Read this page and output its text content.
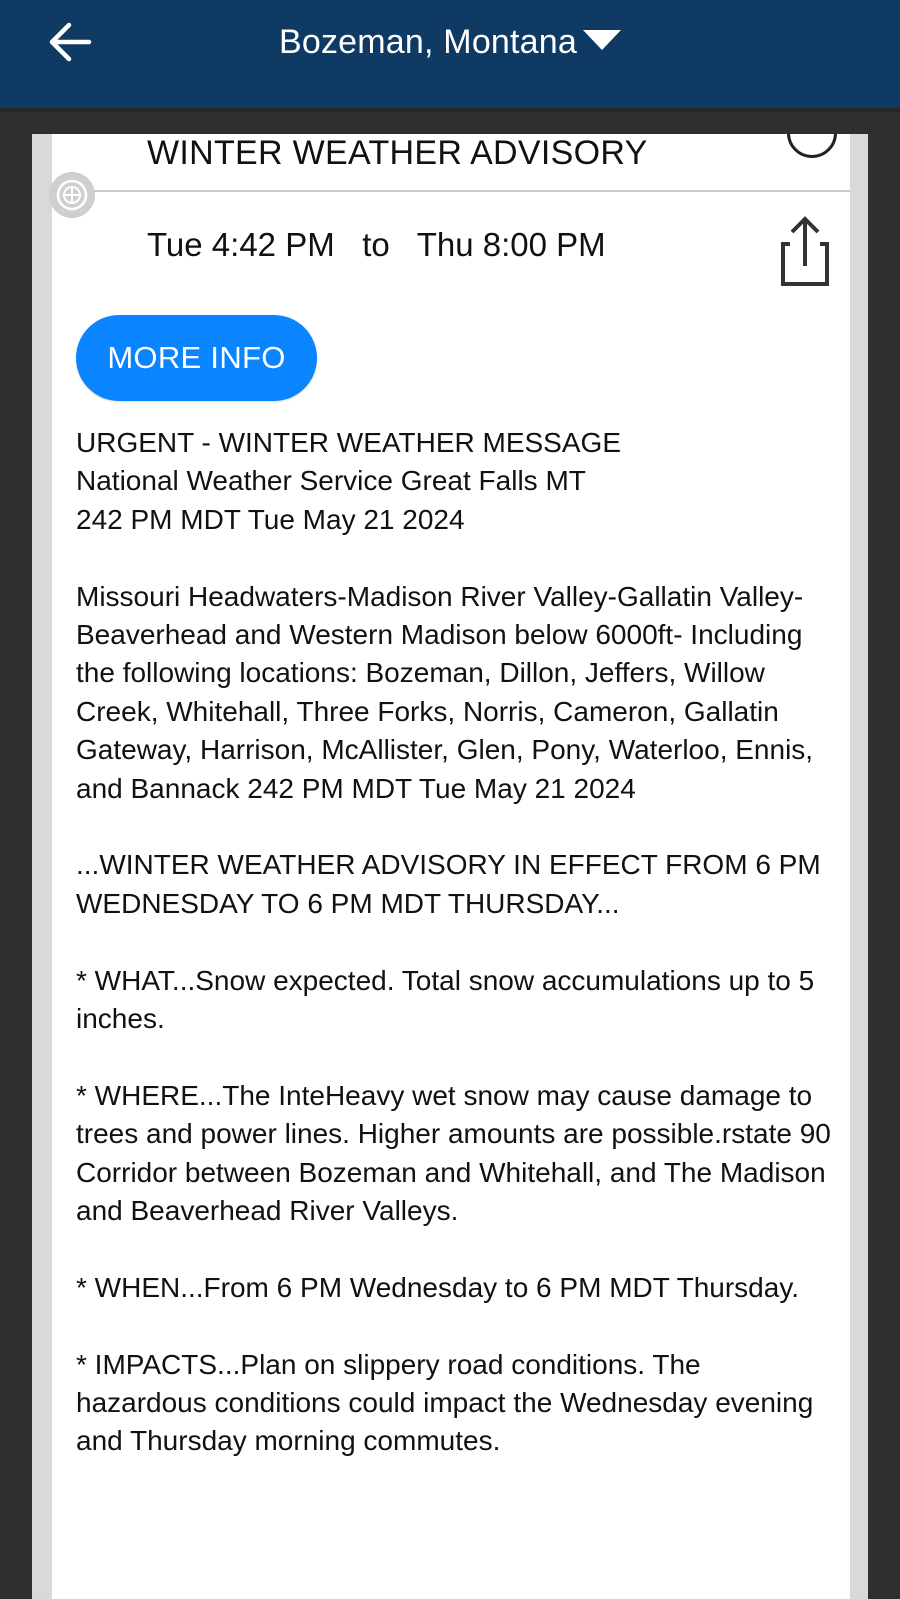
Bozeman, Montana
WINTER WEATHER ADVISORY
Tue 4:42 PM to Thu 8:00 PM
MORE INFO

URGENT - WINTER WEATHER MESSAGE
National Weather Service Great Falls MT
242 PM MDT Tue May 21 2024

Missouri Headwaters-Madison River Valley-Gallatin Valley- Beaverhead and Western Madison below 6000ft- Including the following locations: Bozeman, Dillon, Jeffers, Willow Creek, Whitehall, Three Forks, Norris, Cameron, Gallatin Gateway, Harrison, McAllister, Glen, Pony, Waterloo, Ennis, and Bannack 242 PM MDT Tue May 21 2024

...WINTER WEATHER ADVISORY IN EFFECT FROM 6 PM WEDNESDAY TO 6 PM MDT THURSDAY...

* WHAT...Snow expected. Total snow accumulations up to 5 inches.

* WHERE...The InteHeavy wet snow may cause damage to trees and power lines. Higher amounts are possible.rstate 90 Corridor between Bozeman and Whitehall, and The Madison and Beaverhead River Valleys.

* WHEN...From 6 PM Wednesday to 6 PM MDT Thursday.

* IMPACTS...Plan on slippery road conditions. The hazardous conditions could impact the Wednesday evening and Thursday morning commutes.
